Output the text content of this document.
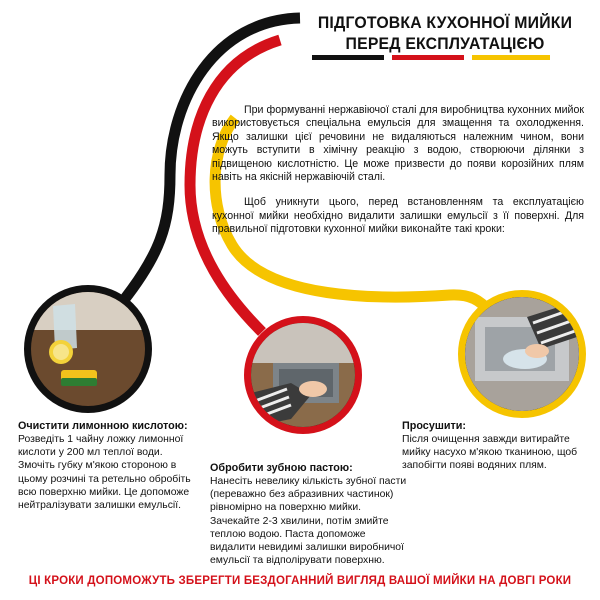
ПІДГОТОВКА КУХОННОЇ МИЙКИ
ПЕРЕД ЕКСПЛУАТАЦІЄЮ

При формуванні нержавіючої сталі для виробництва кухонних мийок використовується спеціальна емульсія для змащення та охолодження. Якщо залишки цієї речовини не видаляються належним чином, вони можуть вступити в хімічну реакцію з водою, створюючи ділянки з підвищеною кислотністю. Це може призвести до появи корозійних плям навіть на якісній нержавіючій сталі.

Щоб уникнути цього, перед встановленням та експлуатацією кухонної мийки необхідно видалити залишки емульсії з її поверхні. Для правильної підготовки кухонної мийки виконайте такі кроки:

Очистити лимонною кислотою:
Розведіть 1 чайну ложку лимонної кислоти у 200 мл теплої води. Змочіть губку м'якою стороною в цьому розчині та ретельно обробіть всю поверхню мийки. Це допоможе нейтралізувати залишки емульсії.
Обробити зубною пастою:
Нанесіть невелику кількість зубної пасти (переважно без абразивних частинок) рівномірно на поверхню мийки. Зачекайте 2-3 хвилини, потім змийте теплою водою. Паста допоможе видалити невидимі залишки виробничої емульсії та відполірувати поверхню.
Просушити:
Після очищення завжди витирайте мийку насухо м'якою тканиною, щоб запобігти появі водяних плям.
ЦІ КРОКИ ДОПОМОЖУТЬ ЗБЕРЕГТИ БЕЗДОГАННИЙ ВИГЛЯД ВАШОЇ МИЙКИ НА ДОВГІ РОКИ
